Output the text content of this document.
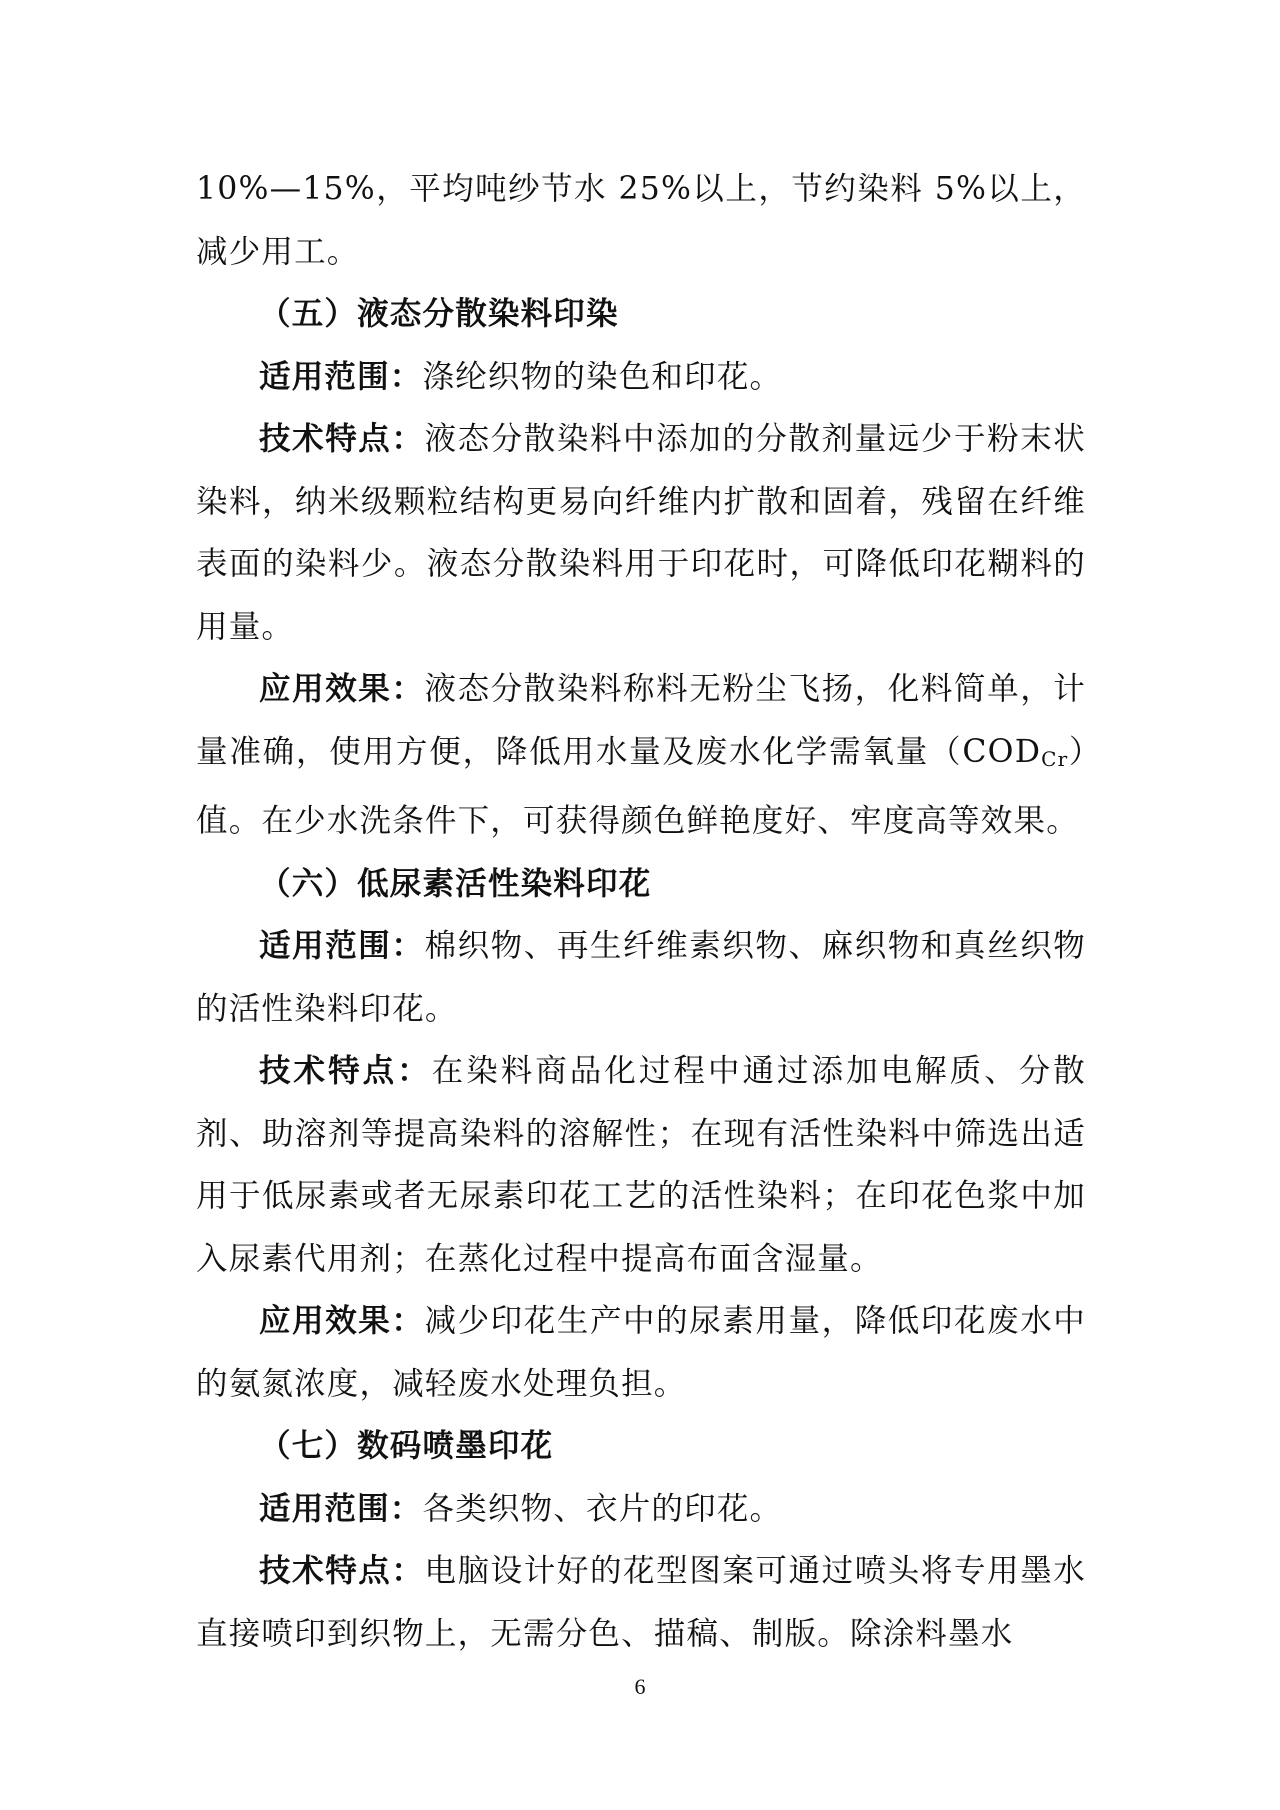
10%—15%，平均吨纱节水 25%以上，节约染料 5%以上，减少用工。

（五）液态分散染料印染

适用范围：涤纶织物的染色和印花。

技术特点：液态分散染料中添加的分散剂量远少于粉末状染料，纳米级颗粒结构更易向纤维内扩散和固着，残留在纤维表面的染料少。液态分散染料用于印花时，可降低印花糊料的用量。

应用效果：液态分散染料称料无粉尘飞扬，化料简单，计量准确，使用方便，降低用水量及废水化学需氧量$(COD_{Cr})$值。在少水洗条件下，可获得颜色鲜艳度好、牢度高等效果。

（六）低尿素活性染料印花

适用范围：棉织物、再生纤维素织物、麻织物和真丝织物的活性染料印花。

技术特点：在染料商品化过程中通过添加电解质、分散剂、助溶剂等提高染料的溶解性；在现有活性染料中筛选出适用于低尿素或者无尿素印花工艺的活性染料；在印花色浆中加入尿素代用剂；在蒸化过程中提高布面含湿量。

应用效果：减少印花生产中的尿素用量，降低印花废水中的氨氮浓度，减轻废水处理负担。

（七）数码喷墨印花

适用范围：各类织物、衣片的印花。

技术特点：电脑设计好的花型图案可通过喷头将专用墨水直接喷印到织物上，无需分色、描稿、制版。除涂料墨水

6
